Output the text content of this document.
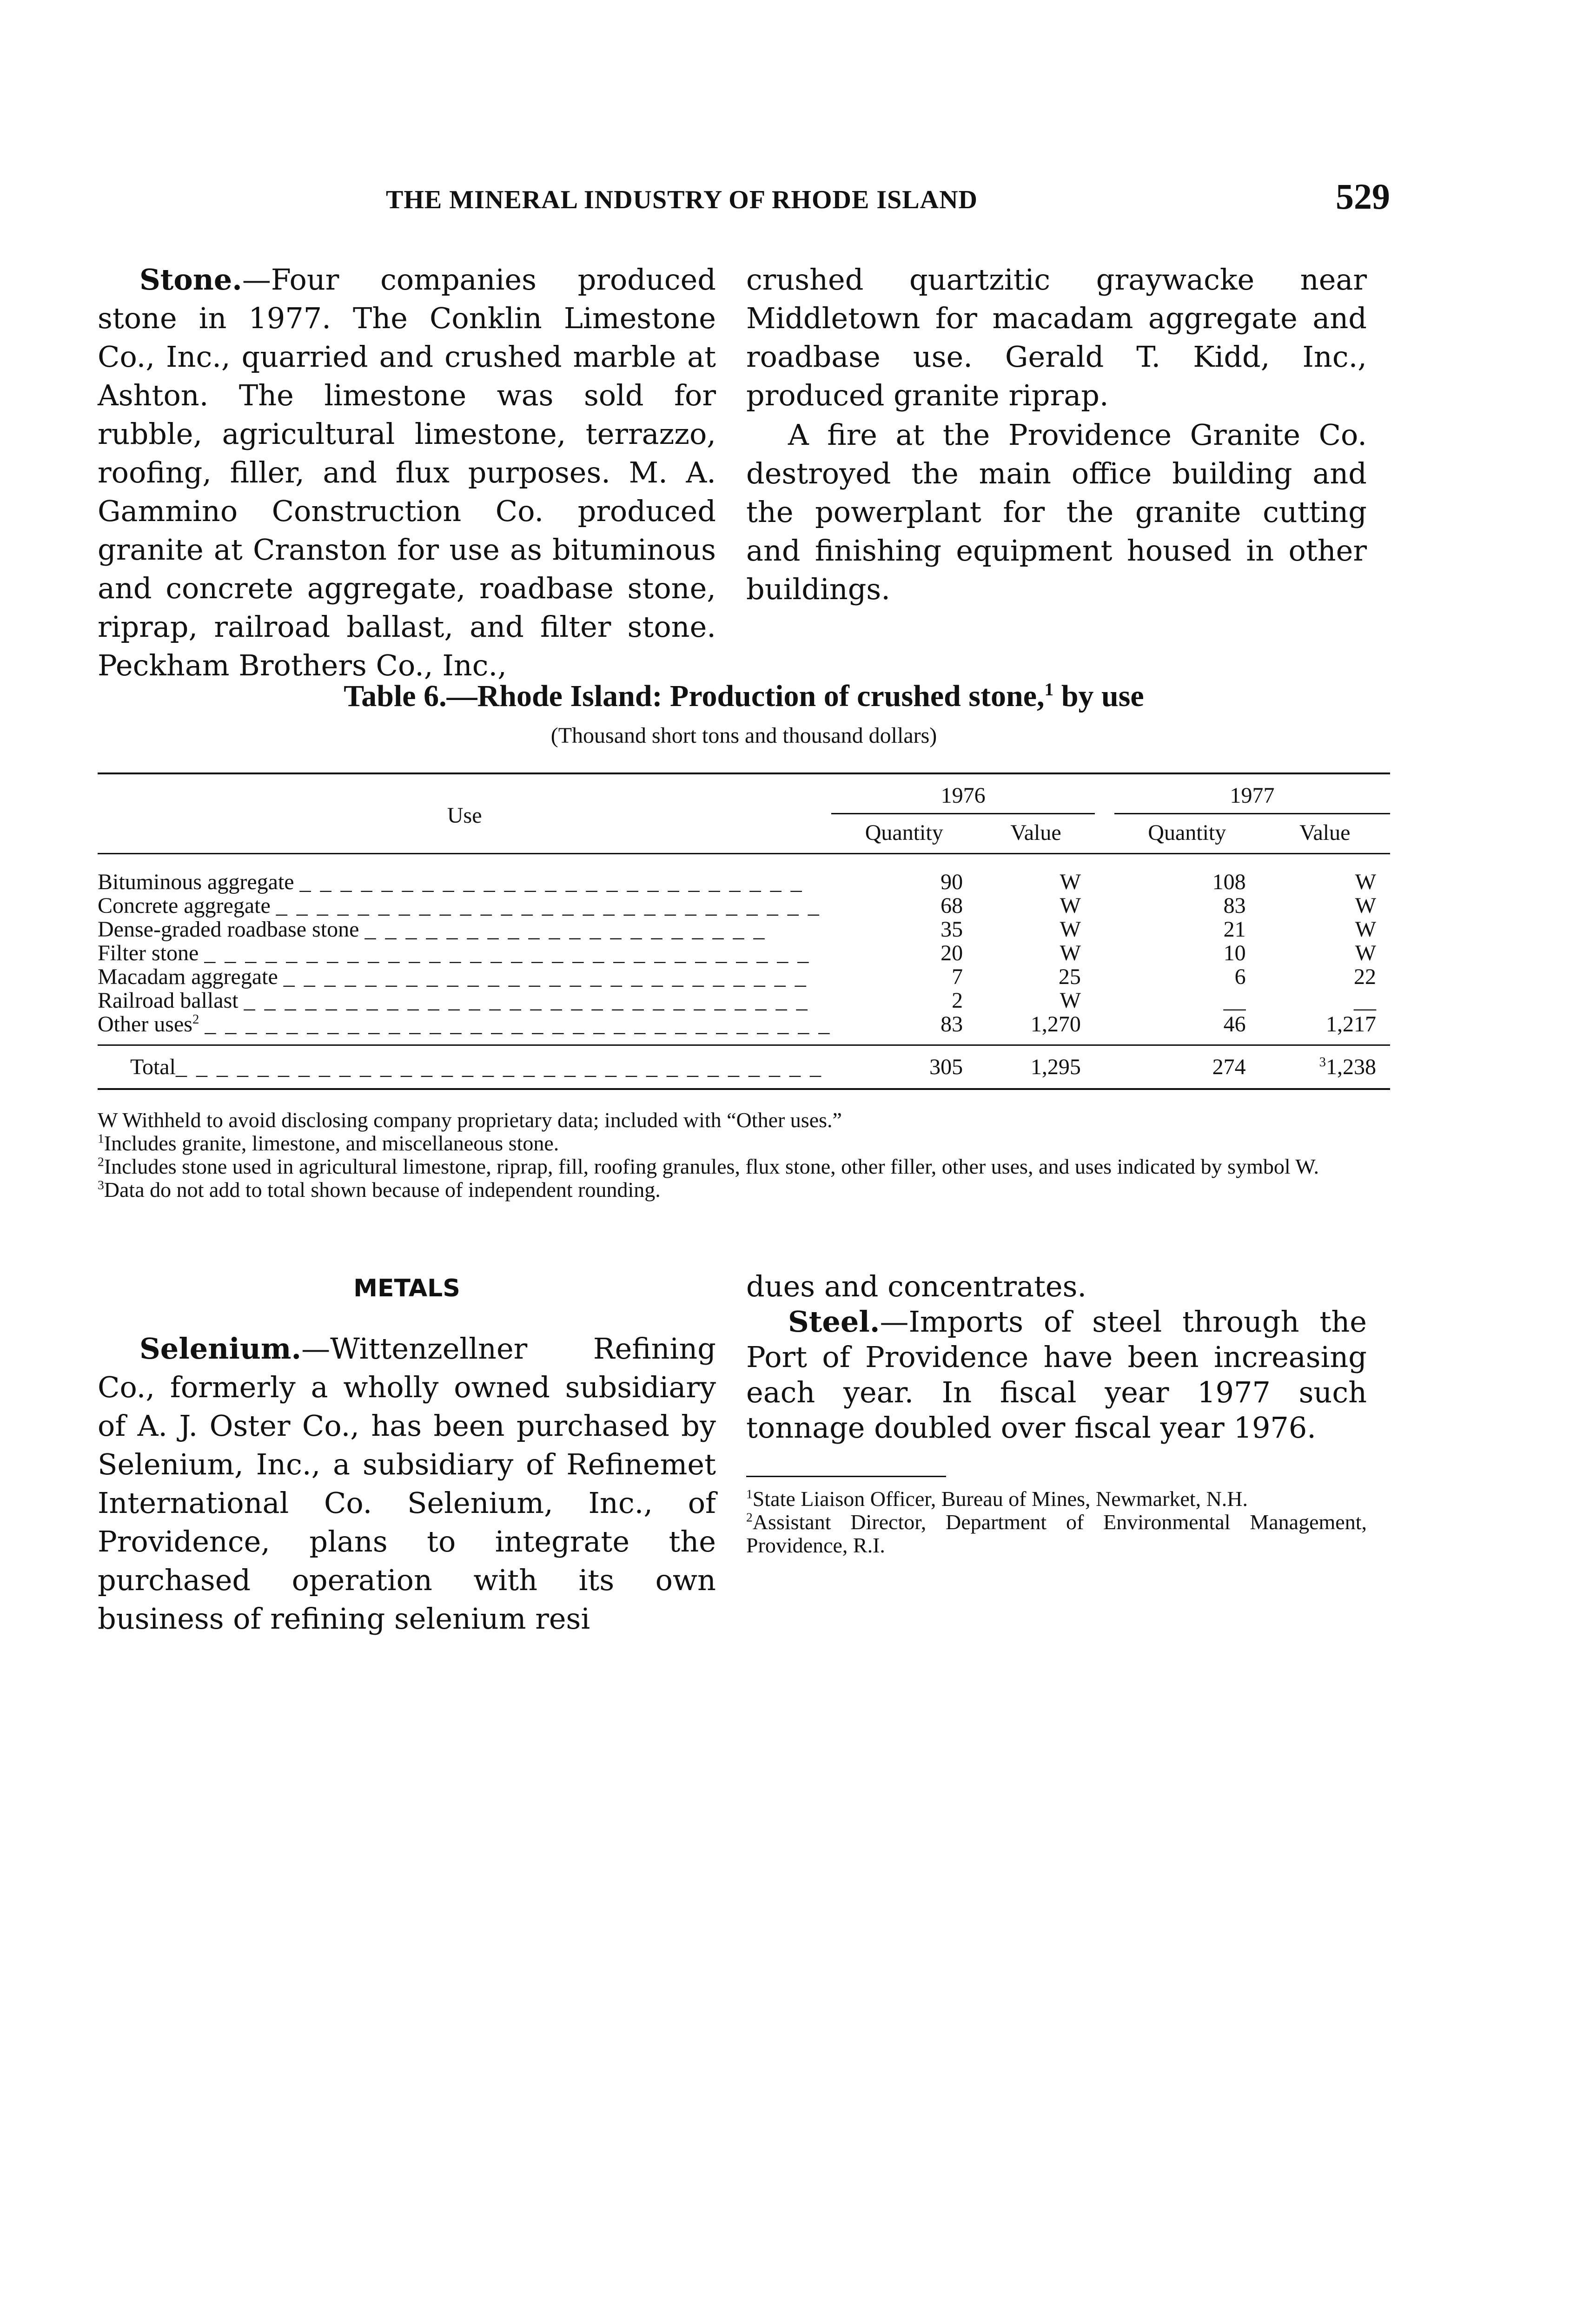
THE MINERAL INDUSTRY OF RHODE ISLAND	529

Stone.—Four companies produced stone in 1977. The Conklin Limestone Co., Inc., quarried and crushed marble at Ashton. The limestone was sold for rubble, agricultural limestone, terrazzo, roofing, filler, and flux purposes. M. A. Gammino Construction Co. produced granite at Cranston for use as bituminous and concrete aggregate, roadbase stone, riprap, railroad ballast, and filter stone. Peckham Brothers Co., Inc.,

crushed quartzitic graywacke near Middletown for macadam aggregate and roadbase use. Gerald T. Kidd, Inc., produced granite riprap.

A fire at the Providence Granite Co. destroyed the main office building and the powerplant for the granite cutting and finishing equipment housed in other buildings.

Table 6.—Rhode Island: Production of crushed stone,$^1$ by use
(Thousand short tons and thousand dollars)
Use	1976			1977	
	Quantity	Value		Quantity	Value
Bituminous aggregate _ _ _ _ _ _ _ _ _ _ _ _ _ _ _ _ _ _ _ _ _ _ _ _ _	90	W		108	W
Concrete aggregate _ _ _ _ _ _ _ _ _ _ _ _ _ _ _ _ _ _ _ _ _ _ _ _ _ _ _	68	W		83	W
Dense-graded roadbase stone _ _ _ _ _ _ _ _ _ _ _ _ _ _ _ _ _ _ _ _	35	W		21	W
Filter stone _ _ _ _ _ _ _ _ _ _ _ _ _ _ _ _ _ _ _ _ _ _ _ _ _ _ _ _ _ _	20	W		10	W
Macadam aggregate _ _ _ _ _ _ _ _ _ _ _ _ _ _ _ _ _ _ _ _ _ _ _ _ _ _	7	25		6	22
Railroad ballast _ _ _ _ _ _ _ _ _ _ _ _ _ _ _ _ _ _ _ _ _ _ _ _ _ _ _ _	2	W		__	__
Other uses$^2$ _ _ _ _ _ _ _ _ _ _ _ _ _ _ _ _ _ _ _ _ _ _ _ _ _ _ _ _ _ _ _	83	1,270		46	1,217
Total_ _ _ _ _ _ _ _ _ _ _ _ _ _ _ _ _ _ _ _ _ _ _ _ _ _ _ _ _ _ _ _	305	1,295		274	$^3$1,238

W Withheld to avoid disclosing company proprietary data; included with “Other uses.”

$^1$Includes granite, limestone, and miscellaneous stone.

$^2$Includes stone used in agricultural limestone, riprap, fill, roofing granules, flux stone, other filler, other uses, and uses indicated by symbol W.

$^3$Data do not add to total shown because of independent rounding.

METALS

Selenium.—Wittenzellner Refining Co., formerly a wholly owned subsidiary of A. J. Oster Co., has been purchased by Selenium, Inc., a subsidiary of Refinemet International Co. Selenium, Inc., of Providence, plans to integrate the purchased operation with its own business of refining selenium resi

dues and concentrates.

Steel.—Imports of steel through the Port of Providence have been increasing each year. In fiscal year 1977 such tonnage doubled over fiscal year 1976.

$^1$State Liaison Officer, Bureau of Mines, Newmarket, N.H.

$^2$Assistant Director, Department of Environmental Management, Providence, R.I.
